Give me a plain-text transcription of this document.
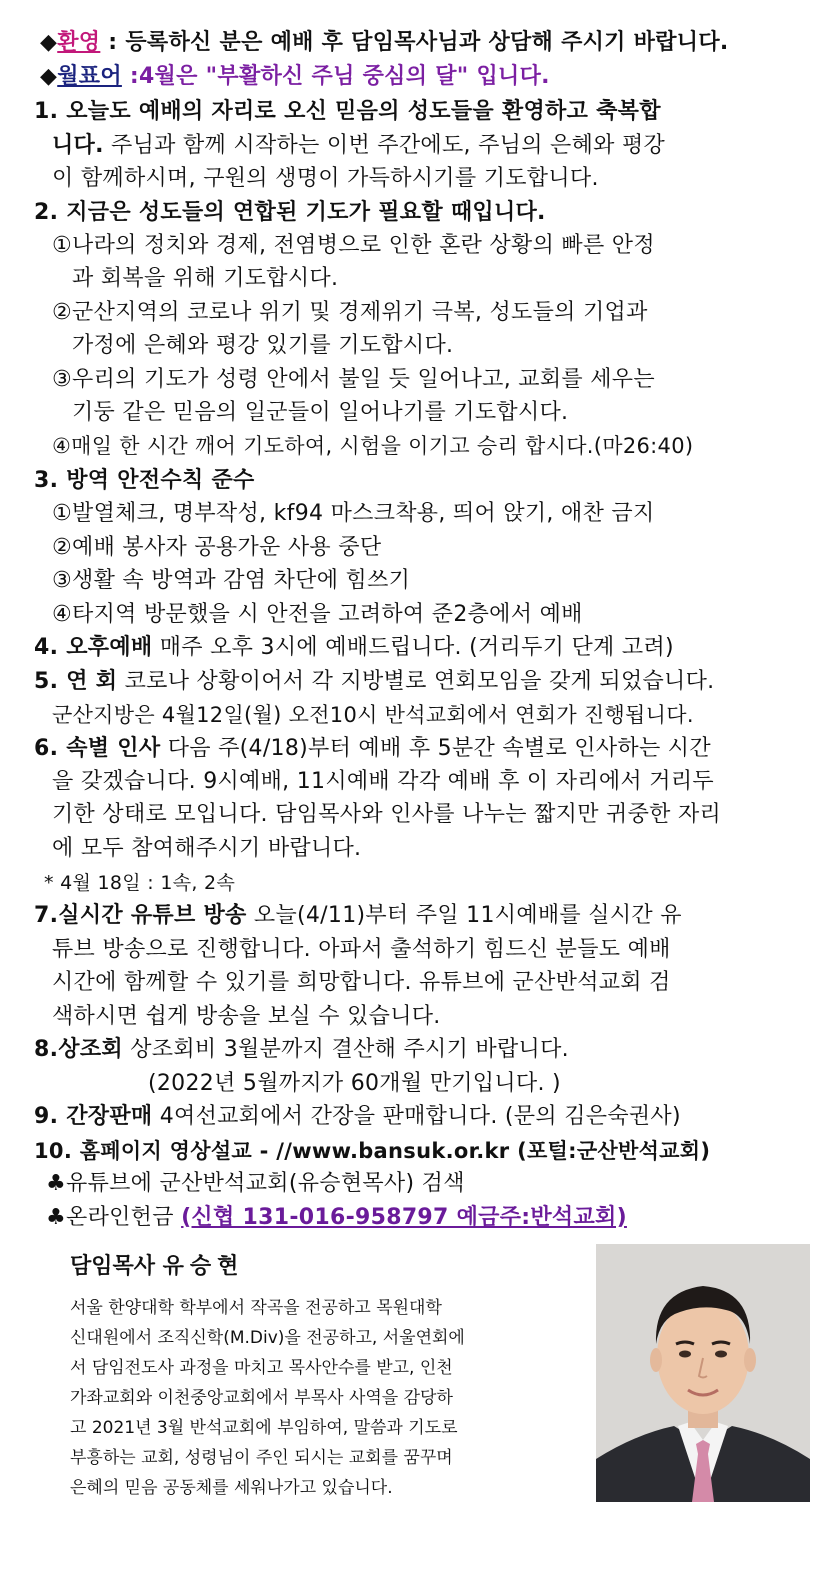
◆환영 : 등록하신 분은 예배 후 담임목사님과 상담해 주시기 바랍니다.
◆월표어 :4월은 "부활하신 주님 중심의 달" 입니다.
1. 오늘도 예배의 자리로 오신 믿음의 성도들을 환영하고 축복합
니다. 주님과 함께 시작하는 이번 주간에도, 주님의 은혜와 평강
이 함께하시며, 구원의 생명이 가득하시기를 기도합니다.
2. 지금은 성도들의 연합된 기도가 필요할 때입니다.
①나라의 정치와 경제, 전염병으로 인한 혼란 상황의 빠른 안정
과 회복을 위해 기도합시다.
②군산지역의 코로나 위기 및 경제위기 극복, 성도들의 기업과
가정에 은혜와 평강 있기를 기도합시다.
③우리의 기도가 성령 안에서 불일 듯 일어나고, 교회를 세우는
기둥 같은 믿음의 일군들이 일어나기를 기도합시다.
④매일 한 시간 깨어 기도하여, 시험을 이기고 승리 합시다.(마26:40)
3. 방역 안전수칙 준수
①발열체크, 명부작성, kf94 마스크착용, 띄어 앉기, 애찬 금지
②예배 봉사자 공용가운 사용 중단
③생활 속 방역과 감염 차단에 힘쓰기
④타지역 방문했을 시 안전을 고려하여 준2층에서 예배
4. 오후예배 매주 오후 3시에 예배드립니다. (거리두기 단계 고려)
5. 연 회 코로나 상황이어서 각 지방별로 연회모임을 갖게 되었습니다.
군산지방은 4월12일(월) 오전10시 반석교회에서 연회가 진행됩니다.
6. 속별 인사 다음 주(4/18)부터 예배 후 5분간 속별로 인사하는 시간
을 갖겠습니다. 9시예배, 11시예배 각각 예배 후 이 자리에서 거리두
기한 상태로 모입니다. 담임목사와 인사를 나누는 짧지만 귀중한 자리
에 모두 참여해주시기 바랍니다.
* 4월 18일 : 1속, 2속
7.실시간 유튜브 방송 오늘(4/11)부터 주일 11시예배를 실시간 유
튜브 방송으로 진행합니다. 아파서 출석하기 힘드신 분들도 예배
시간에 함께할 수 있기를 희망합니다. 유튜브에 군산반석교회 검
색하시면 쉽게 방송을 보실 수 있습니다.
8.상조회 상조회비 3월분까지 결산해 주시기 바랍니다.
(2022년 5월까지가 60개월 만기입니다. )
9. 간장판매 4여선교회에서 간장을 판매합니다. (문의 김은숙권사)
10. 홈페이지 영상설교 - //www.bansuk.or.kr (포털:군산반석교회)
♣유튜브에 군산반석교회(유승현목사) 검색
♣온라인헌금 (신협 131-016-958797 예금주:반석교회)
담임목사 유승현
서울 한양대학 학부에서 작곡을 전공하고 목원대학
신대원에서 조직신학(M.Div)을 전공하고, 서울연회에
서 담임전도사 과정을 마치고 목사안수를 받고, 인천
가좌교회와 이천중앙교회에서 부목사 사역을 감당하
고 2021년 3월 반석교회에 부임하여, 말씀과 기도로
부흥하는 교회, 성령님이 주인 되시는 교회를 꿈꾸며
은혜의 믿음 공동체를 세워나가고 있습니다.
